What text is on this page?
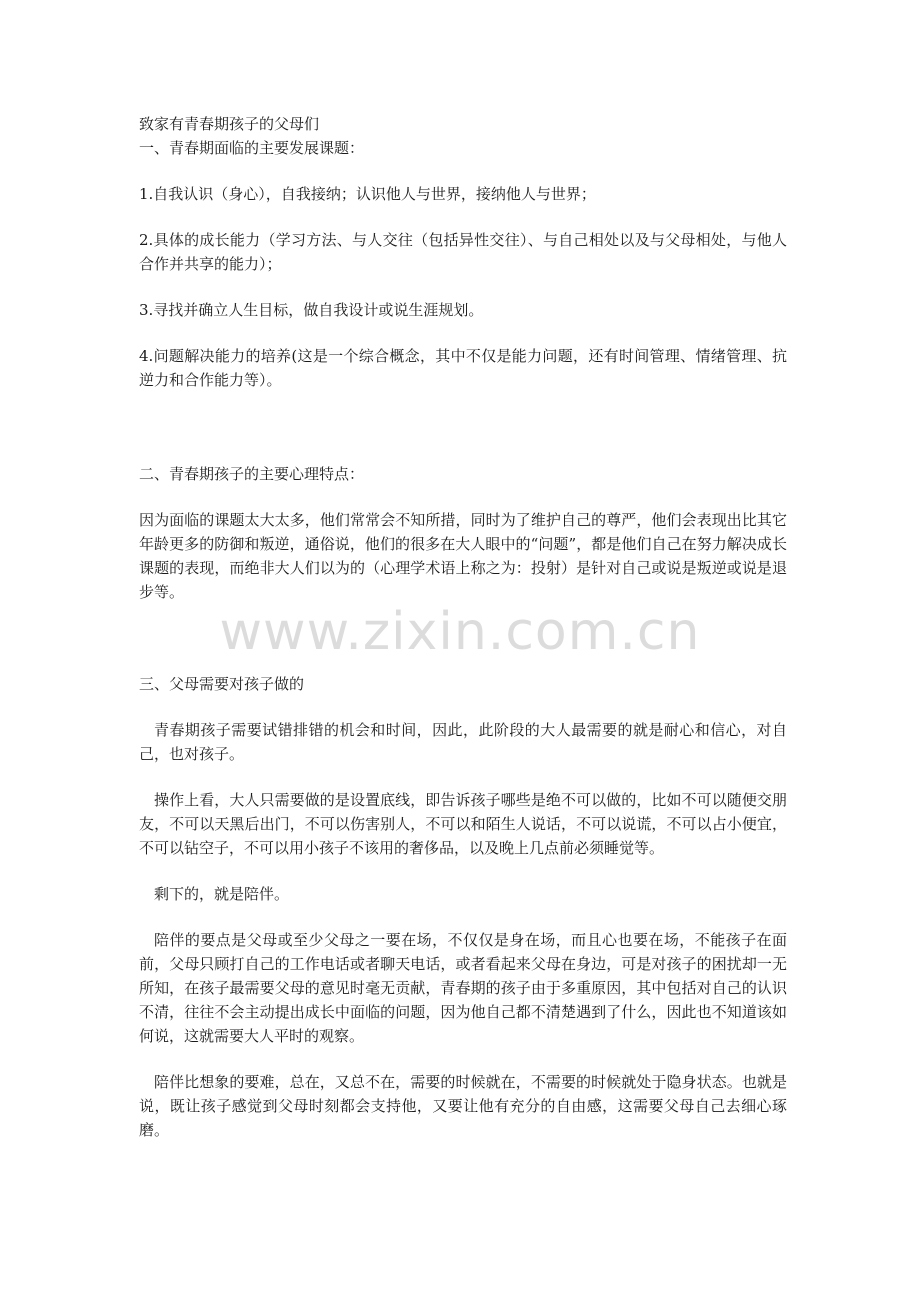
致家有青春期孩子的父母们

一、青春期面临的主要发展课题：

1.自我认识（身心），自我接纳；认识他人与世界，接纳他人与世界；

2.具体的成长能力（学习方法、与人交往（包括异性交往）、与自己相处以及与父母相处，与他人合作并共享的能力）；

3.寻找并确立人生目标，做自我设计或说生涯规划。

4.问题解决能力的培养(这是一个综合概念，其中不仅是能力问题，还有时间管理、情绪管理、抗逆力和合作能力等）。

二、青春期孩子的主要心理特点：

因为面临的课题太大太多，他们常常会不知所措，同时为了维护自己的尊严，他们会表现出比其它年龄更多的防御和叛逆，通俗说，他们的很多在大人眼中的“问题”，都是他们自己在努力解决成长课题的表现，而绝非大人们以为的（心理学术语上称之为：投射）是针对自己或说是叛逆或说是退步等。

三、父母需要对孩子做的

青春期孩子需要试错排错的机会和时间，因此，此阶段的大人最需要的就是耐心和信心，对自己，也对孩子。

操作上看，大人只需要做的是设置底线，即告诉孩子哪些是绝不可以做的，比如不可以随便交朋友，不可以天黑后出门，不可以伤害别人，不可以和陌生人说话，不可以说谎，不可以占小便宜，不可以钻空子，不可以用小孩子不该用的奢侈品，以及晚上几点前必须睡觉等。

剩下的，就是陪伴。

陪伴的要点是父母或至少父母之一要在场，不仅仅是身在场，而且心也要在场，不能孩子在面前，父母只顾打自己的工作电话或者聊天电话，或者看起来父母在身边，可是对孩子的困扰却一无所知，在孩子最需要父母的意见时毫无贡献，青春期的孩子由于多重原因，其中包括对自己的认识不清，往往不会主动提出成长中面临的问题，因为他自己都不清楚遇到了什么，因此也不知道该如何说，这就需要大人平时的观察。

陪伴比想象的要难，总在，又总不在，需要的时候就在，不需要的时候就处于隐身状态。也就是说，既让孩子感觉到父母时刻都会支持他，又要让他有充分的自由感，这需要父母自己去细心琢磨。

www.zixin.com.cn
